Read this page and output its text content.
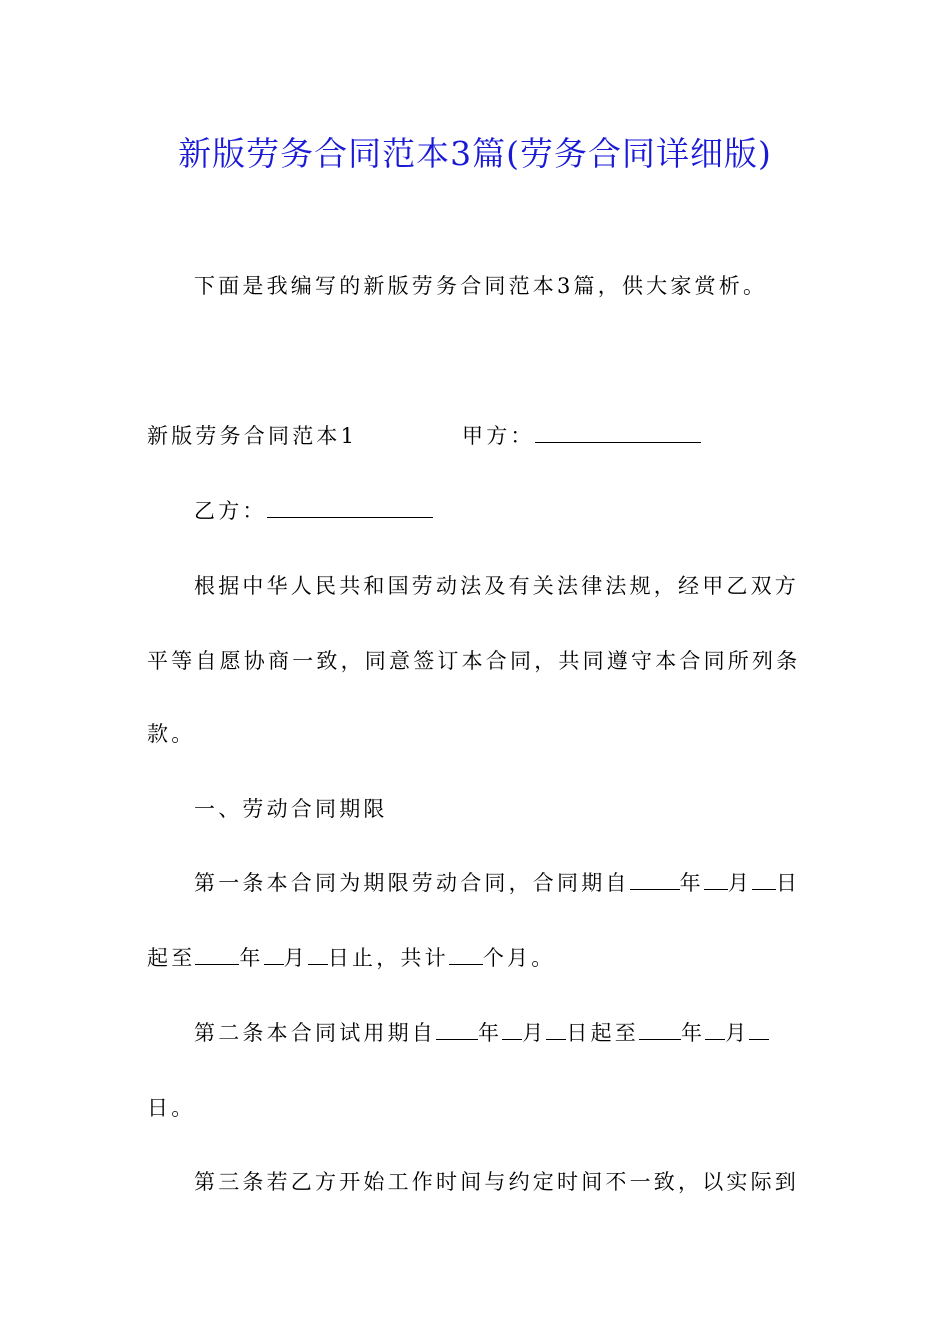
新版劳务合同范本3篇(劳务合同详细版)
下面是我编写的新版劳务合同范本3篇，供大家赏析。
新版劳务合同范本1	甲方：
乙方：
根据中华人民共和国劳动法及有关法律法规，经甲乙双方
平等自愿协商一致，同意签订本合同，共同遵守本合同所列条
款。
一、劳动合同期限
第一条本合同为期限劳动合同，合同期自 年 月 日
起至 年 月 日止，共计 个月。
第二条本合同试用期自 年 月 日起至 年 月
日。
第三条若乙方开始工作时间与约定时间不一致，以实际到
